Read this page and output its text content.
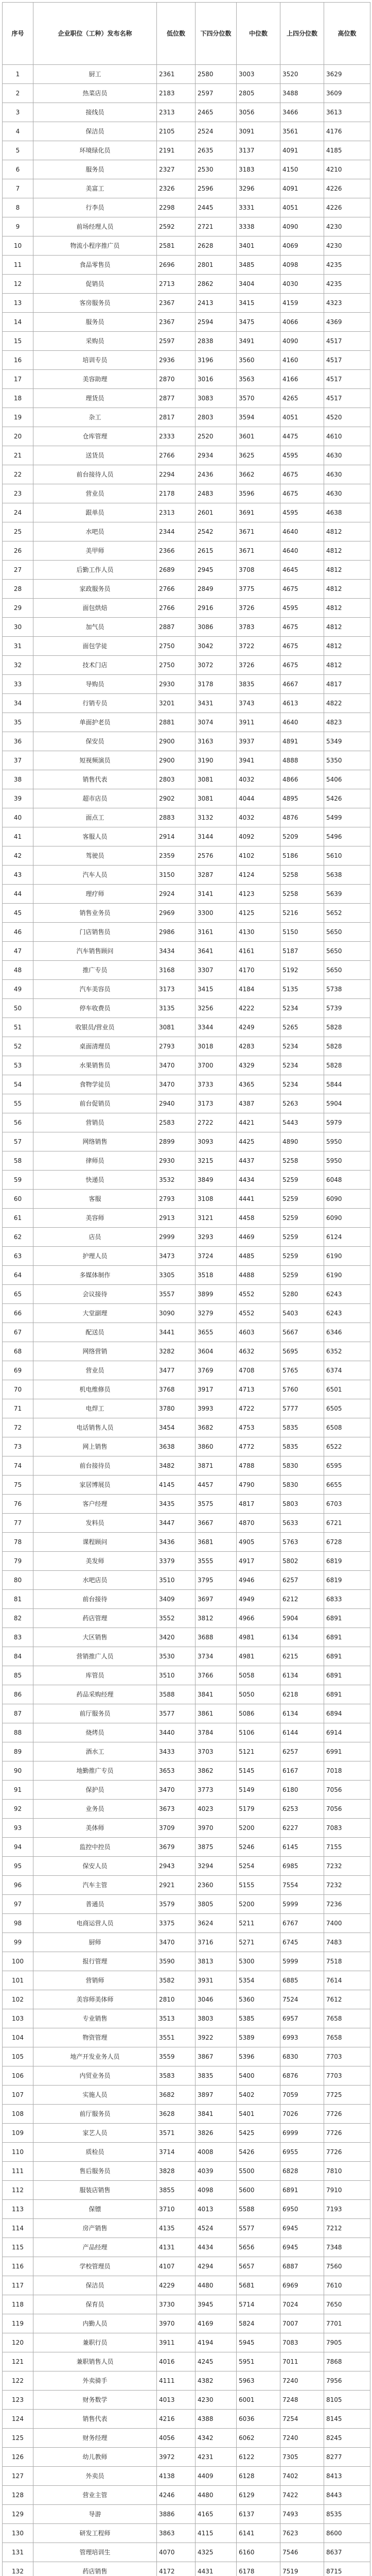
序号	企业职位（工种）发布名称	低位数	下四分位数	中位数	上四分位数	高位数
1	厨工	2361	2580	3003	3520	3629
2	热菜店员	2183	2597	2805	3488	3609
3	接线员	2313	2465	3056	3466	3613
4	保洁员	2105	2524	3091	3561	4176
5	环境绿化员	2191	2635	3137	4091	4185
6	服务员	2327	2530	3183	4150	4210
7	美富工	2326	2596	3296	4091	4226
8	行李员	2298	2445	3331	4051	4226
9	前场经理人员	2592	2721	3338	4090	4230
10	物流小程序推广员	2581	2628	3401	4069	4230
11	食品零售员	2696	2801	3485	4098	4235
12	促销员	2713	2862	3404	4030	4235
13	客房服务员	2367	2413	3415	4159	4323
14	服务员	2367	2594	3475	4066	4369
15	采购员	2597	2838	3491	4090	4517
16	培训专员	2936	3196	3560	4160	4517
17	美容助理	2870	3016	3563	4166	4517
18	理货员	2877	3083	3570	4265	4517
19	杂工	2817	2803	3594	4051	4520
20	仓库管理	2333	2520	3601	4475	4610
21	送货员	2766	2934	3625	4595	4630
22	前台接待人员	2294	2436	3662	4675	4630
23	营业员	2178	2483	3596	4675	4630
24	跟单员	2313	2601	3691	4595	4638
25	水吧员	2344	2542	3671	4640	4812
26	美甲师	2366	2615	3671	4640	4812
27	后勤工作人员	2689	2945	3708	4645	4812
28	家政服务员	2766	2849	3775	4675	4812
29	面包烘焙	2766	2916	3726	4595	4812
30	加气员	2887	3086	3783	4675	4812
31	面包学徒	2750	3042	3722	4675	4812
32	技术门店	2750	3072	3726	4675	4812
33	导购员	2930	3178	3835	4667	4817
34	行销专员	3201	3431	3743	4613	4822
35	单面护老员	2881	3074	3911	4640	4823
36	保安员	2900	3163	3937	4891	5349
37	短视频演员	2900	3190	3941	4888	5350
38	销售代表	2803	3081	4032	4866	5406
39	超市店员	2902	3081	4044	4895	5426
40	面点工	2883	3132	4032	4876	5499
41	客服人员	2914	3144	4092	5209	5496
42	驾驶员	2359	2576	4102	5186	5610
43	汽车人员	3150	3287	4124	5258	5638
44	理疗师	2924	3141	4123	5258	5639
45	销售业务员	2969	3300	4125	5216	5652
46	门店销售员	2986	3161	4130	5150	5650
47	汽车销售顾问	3434	3641	4161	5187	5650
48	推广专员	3168	3307	4170	5192	5650
49	汽车美容员	3173	3415	4184	5135	5738
50	停车收费员	3135	3256	4222	5234	5739
51	收银员/营业员	3081	3344	4249	5265	5828
52	桌面清理员	2793	3018	4283	5234	5828
53	水果销售员	3470	3700	4329	5234	5828
54	食物学徒员	3470	3733	4365	5234	5844
55	前台促销员	2940	3173	4387	5263	5904
56	营销员	2583	2722	4421	5443	5979
57	网络销售	2899	3093	4425	4890	5950
58	律师员	2930	3215	4437	5258	5950
59	快递员	3532	3849	4434	5259	6048
60	客服	2793	3108	4441	5259	6090
61	美容师	2913	3121	4458	5259	6090
62	店员	2999	3293	4469	5259	6124
63	护理人员	3473	3724	4485	5259	6190
64	多媒体制作	3305	3518	4488	5259	6190
65	会议接待	3557	3899	4552	5280	6243
66	大堂副理	3090	3279	4552	5403	6243
67	配送员	3441	3655	4603	5667	6346
68	网络营销	3282	3604	4632	5695	6352
69	营业员	3477	3769	4708	5765	6374
70	机电维修员	3768	3917	4713	5760	6501
71	电焊工	3780	3993	4722	5777	6505
72	电话销售人员	3454	3682	4753	5835	6508
73	网上销售	3638	3860	4772	5835	6522
74	前台接待员	3482	3871	4788	5830	6595
75	家居博展员	4145	4457	4790	5830	6655
76	客户经理	3435	3575	4817	5803	6703
77	发料员	3447	3667	4870	5633	6721
78	课程顾问	3436	3681	4905	5763	6728
79	美发师	3379	3555	4917	5802	6819
80	水吧店员	3510	3795	4946	6257	6819
81	前台接待	3409	3697	4949	6212	6833
82	药店管理	3552	3812	4966	5904	6891
83	大区销售	3420	3688	4981	6134	6891
84	营销推广人员	3530	3734	4981	6215	6891
85	库管员	3510	3766	5058	6134	6891
86	药品采购经理	3588	3841	5050	6218	6891
87	前厅服务员	3577	3861	5086	6134	6894
88	烧烤员	3440	3784	5106	6144	6914
89	酒水工	3433	3703	5121	6257	6991
90	地勤推广专员	3653	3862	5145	6167	7018
91	保护员	3470	3773	5149	6180	7056
92	业务员	3673	4023	5179	6253	7056
93	美体师	3709	3970	5200	6227	7083
94	监控中控员	3679	3875	5246	6145	7155
95	保安人员	2943	3294	5254	6985	7232
96	汽车主管	2921	2360	5155	7554	7232
97	普通员	3579	3805	5200	5999	7236
98	电商运营人员	3375	3624	5211	6767	7400
99	厨师	3470	3716	5271	6745	7483
100	报行管理	3590	3813	5300	5999	7518
101	营销师	3582	3931	5354	6885	7614
102	美容师美体师	2810	3046	5360	7524	7612
103	专业销售	3513	3803	5385	6957	7658
104	物资管理	3551	3922	5389	6993	7658
105	地产开发业务人员	3559	3867	5396	6830	7703
106	内贸业务员	3583	3835	5400	6876	7703
107	实施人员	3682	3897	5402	7059	7725
108	前厅服务员	3628	3841	5401	7026	7726
109	家艺人员	3571	3826	5425	6999	7726
110	质检员	3714	4008	5426	6955	7726
111	售后服务员	3828	4039	5500	6828	7810
112	服装店销售	3855	4098	5600	6891	7910
113	保镖	3710	4013	5588	6950	7193
114	房产销售	4135	4524	5577	6945	7212
115	产品经理	4131	4434	5656	6945	7348
116	学校管理员	4107	4294	5657	6887	7560
117	保洁员	4229	4480	5681	6969	7610
118	保育员	3730	3945	5714	7024	7650
119	内勤人员	3970	4169	5824	7007	7701
120	兼职行员	3911	4194	5945	7083	7905
121	兼职销售人员	4016	4245	5951	7011	7868
122	外卖骑手	4111	4382	5963	7240	7956
123	财务数学	4013	4230	6001	7248	8105
124	销售代表	4216	4388	6036	7254	8145
125	财务经理	4056	4342	6062	7240	8245
126	幼儿教师	3972	4231	6122	7305	8277
127	外卖员	4138	4409	6128	7402	8413
128	营业主管	4246	4480	6129	7422	8443
129	导游	3886	4165	6137	7493	8535
130	研发工程师	3863	4115	6141	7623	8600
131	管理培训生	4070	4325	6160	7546	8637
132	药店销售	4172	4431	6178	7519	8715
